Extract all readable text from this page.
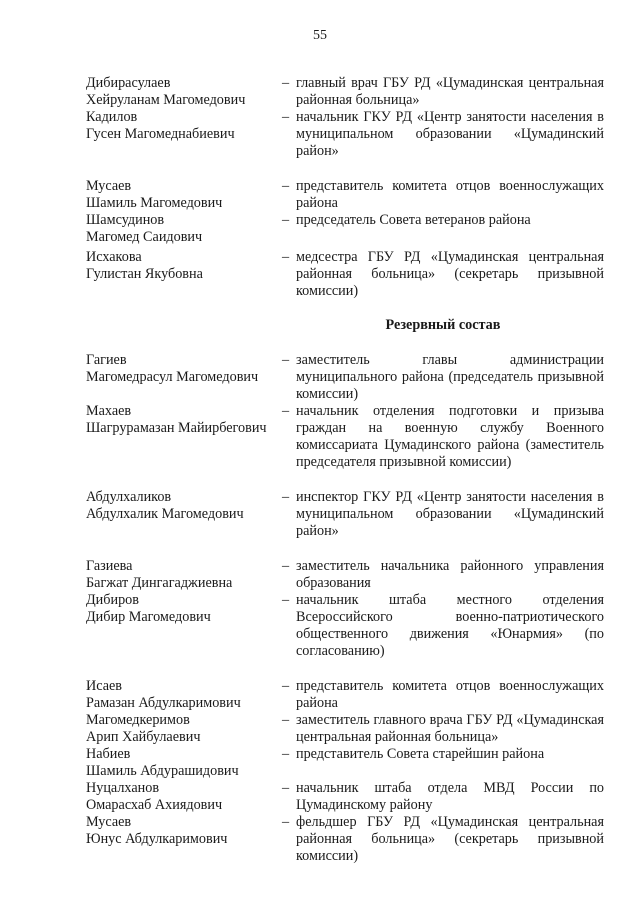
55
Дибирасулаев
Хейруланам Магомедович
– главный врач ГБУ РД «Цумадинская центральная районная больница»
Кадилов
Гусен Магомеднабиевич
– начальник ГКУ РД «Центр занятости населения в муниципальном образовании «Цумадинский район»
Мусаев
Шамиль Магомедович
– представитель комитета отцов военнослужащих района
Шамсудинов
Магомед Саидович
– председатель Совета ветеранов района
Исхакова
Гулистан Якубовна
– медсестра ГБУ РД «Цумадинская центральная районная больница» (секретарь призывной комиссии)
Резервный состав
Гагиев
Магомедрасул Магомедович
– заместитель главы администрации муниципального района (председатель призывной комиссии)
Махаев
Шагрурамазан Майирбегович
– начальник отделения подготовки и призыва граждан на военную службу Военного комиссариата Цумадинского района (заместитель председателя призывной комиссии)
Абдулхаликов
Абдулхалик Магомедович
– инспектор ГКУ РД «Центр занятости населения в муниципальном образовании «Цумадинский район»
Газиева
Багжат Дингагаджиевна
– заместитель начальника районного управления образования
Дибиров
Дибир Магомедович
– начальник штаба местного отделения Всероссийского военно-патриотического общественного движения «Юнармия» (по согласованию)
Исаев
Рамазан Абдулкаримович
– представитель комитета отцов военнослужащих района
Магомедкеримов
Арип Хайбулаевич
– заместитель главного врача ГБУ РД «Цумадинская центральная районная больница»
Набиев
Шамиль Абдурашидович
– представитель Совета старейшин района
Нуцалханов
Омарасхаб Ахиядович
– начальник штаба отдела МВД России по Цумадинскому району
Мусаев
Юнус Абдулкаримович
– фельдшер ГБУ РД «Цумадинская центральная районная больница» (секретарь призывной комиссии)
